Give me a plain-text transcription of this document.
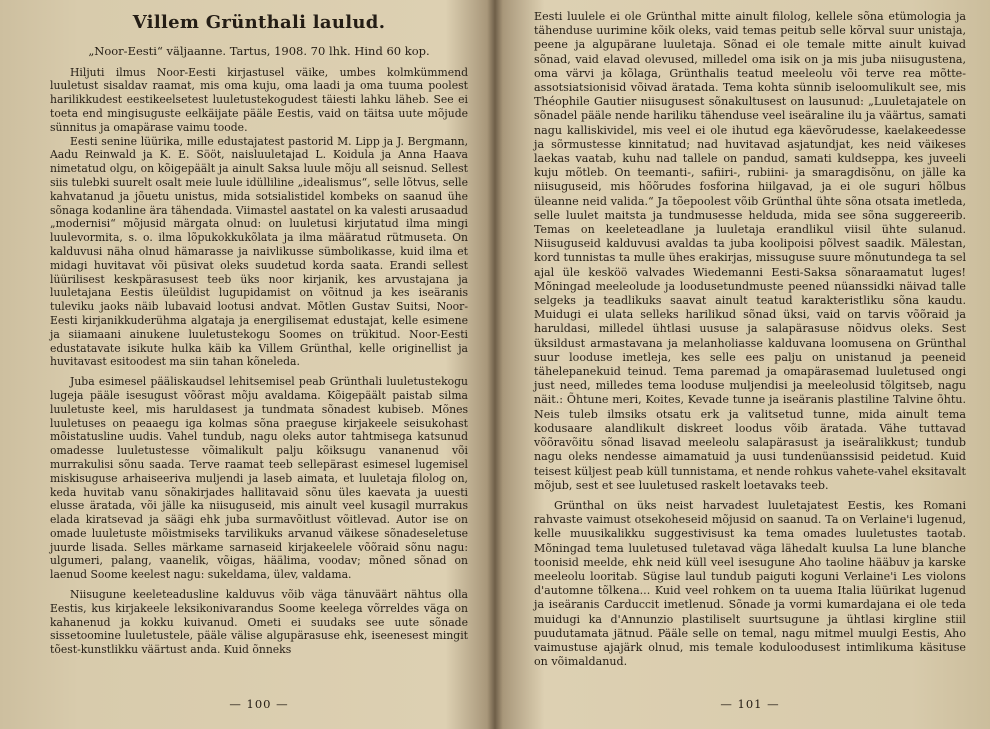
Villem Grünthali laulud.

„Noor-Eesti“ väljaanne. Tartus, 1908. 70 lhk. Hind 60 kop.

Hiljuti ilmus Noor-Eesti kirjastusel väike, umbes kolmkümmend luuletust sisaldav raamat, mis oma kuju, oma laadi ja oma tuuma poolest harilikkudest eestikeelsetest luuletustekogudest täiesti lahku läheb. See ei toeta end mingisuguste eelkäijate pääle Eestis, vaid on täitsa uute mõjude sünnitus ja omapärase vaimu toode.

Eesti senine lüürika, mille edustajatest pastorid M. Lipp ja J. Bergmann, Aadu Reinwald ja K. E. Sööt, naisluuletajad L. Koidula ja Anna Haava nimetatud olgu, on kõigepäält ja ainult Saksa luule mõju all seisnud. Sellest siis tulebki suurelt osalt meie luule idülliline „idealismus“, selle lõtvus, selle kahvatanud ja jõuetu unistus, mida sotsialistidel kombeks on saanud ühe sõnaga kodanline ära tähendada. Viimastel aastatel on ka valesti arusaadud „modernisi“ mõjusid märgata olnud: on luuletusi kirjutatud ilma mingi luulevormita, s. o. ilma lõpukokkukõlata ja ilma määratud rütmuseta. On kalduvusi näha olnud hämarasse ja naivlikusse sümbolikasse, kuid ilma et midagi huvitavat või püsivat oleks suudetud korda saata. Erandi sellest lüürilisest keskpärasusest teeb üks noor kirjanik, kes arvustajana ja luuletajana Eestis üleüldist lugupidamist on võitnud ja kes iseäranis tuleviku jaoks näib lubavaid lootusi andvat. Mõtlen Gustav Suitsi, Noor-Eesti kirjanikkuderühma algataja ja energilisemat edustajat, kelle esimene ja siiamaani ainukene luuletustekogu Soomes on trükitud. Noor-Eesti edustatavate isikute hulka käib ka Villem Grünthal, kelle originellist ja huvitavast esitoodest ma siin tahan kõneleda.

Juba esimesel pääliskaudsel lehitsemisel peab Grünthali luuletustekogu lugeja pääle isesugust võõrast mõju avaldama. Kõigepäält paistab silma luuletuste keel, mis haruldasest ja tundmata sõnadest kubiseb. Mõnes luuletuses on peaaegu iga kolmas sõna praeguse kirjakeele seisukohast mõistatusline uudis. Vahel tundub, nagu oleks autor tahtmisega katsunud omadesse luuletustesse võimalikult palju kõiksugu vananenud või murrakulisi sõnu saada. Terve raamat teeb sellepärast esimesel lugemisel miskisuguse arhaiseeriva muljendi ja laseb aimata, et luuletaja filolog on, keda huvitab vanu sõnakirjades hallitavaid sõnu üles kaevata ja uuesti elusse äratada, või jälle ka niisuguseid, mis ainult veel kusagil murrakus elada kiratsevad ja säägi ehk juba surmavõitlust võitlevad. Autor ise on omade luuletuste mõistmiseks tarvilikuks arvanud väikese sõnadeseletuse juurde lisada. Selles märkame sarnaseid kirjakeelele võõraid sõnu nagu: ulgumeri, palang, vaanelik, võigas, häälima, voodav; mõned sõnad on laenud Soome keelest nagu: sukeldama, ülev, valdama.

Niisugune keeleteadusline kalduvus võib väga tänuväärt nähtus olla Eestis, kus kirjakeele leksikonivarandus Soome keelega võrreldes väga on kahanenud ja kokku kuivanud. Ometi ei suudaks see uute sõnade sissetoomine luuletustele, pääle välise algupärasuse ehk, iseenesest mingit tõest-kunstlikku väärtust anda. Kuid õnneks

— 100 —

Eesti luulele ei ole Grünthal mitte ainult filolog, kellele sõna etümologia ja tähenduse uurimine kõik oleks, vaid temas peitub selle kõrval suur unistaja, peene ja algupärane luuletaja. Sõnad ei ole temale mitte ainult kuivad sõnad, vaid elavad olevused, milledel oma isik on ja mis juba niisugustena, oma värvi ja kõlaga, Grünthalis teatud meeleolu või terve rea mõtte-assotsiatsionisid võivad äratada. Tema kohta sünnib iseloomulikult see, mis Théophile Gautier niisugusest sõnakultusest on lausunud: „Luuletajatele on sõnadel pääle nende hariliku tähenduse veel iseäraline ilu ja väärtus, samati nagu kalliskividel, mis veel ei ole ihutud ega käevõrudesse, kaelakeedesse ja sõrmustesse kinnitatud; nad huvitavad asjatundjat, kes neid väikeses laekas vaatab, kuhu nad tallele on pandud, samati kuldseppa, kes juveeli kuju mõtleb. On teemanti-, safiiri-, rubiini- ja smaragdisõnu, on jälle ka niisuguseid, mis hõõrudes fosforina hiilgavad, ja ei ole suguri hõlbus üleanne neid valida.“ Ja tõepoolest võib Grünthal ühte sõna otsata imetleda, selle luulet maitsta ja tundmusesse helduda, mida see sõna suggereerib. Temas on keeleteadlane ja luuletaja erandlikul viisil ühte sulanud. Niisuguseid kalduvusi avaldas ta juba koolipoisi põlvest saadik. Mälestan, kord tunnistas ta mulle ühes erakirjas, missuguse suure mõnutundega ta sel ajal üle kesköö valvades Wiedemanni Eesti-Saksa sõnaraamatut luges! Mõningad meeleolude ja loodusetundmuste peened nüanssidki näivad talle selgeks ja teadlikuks saavat ainult teatud karakteristliku sõna kaudu. Muidugi ei ulata selleks harilikud sõnad üksi, vaid on tarvis võõraid ja haruldasi, milledel ühtlasi uususe ja salapärasuse nõidvus oleks. Sest üksildust armastavana ja melanholiasse kalduvana loomusena on Grünthal suur looduse imetleja, kes selle ees palju on unistanud ja peeneid tähelepanekuid teinud. Tema paremad ja omapärasemad luuletused ongi just need, milledes tema looduse muljendisi ja meeleolusid tõlgitseb, nagu näit.: Õhtune meri, Koites, Kevade tunne ja iseäranis plastiline Talvine õhtu. Neis tuleb ilmsiks otsatu erk ja valitsetud tunne, mida ainult tema kodusaare alandlikult diskreet loodus võib äratada. Vähe tuttavad võõravõitu sõnad lisavad meeleolu salapärasust ja iseäralikkust; tundub nagu oleks nendesse aimamatuid ja uusi tundenüanssisid peidetud. Kuid teisest küljest peab küll tunnistama, et nende rohkus vahete-vahel eksitavalt mõjub, sest et see luuletused raskelt loetavaks teeb.

Grünthal on üks neist harvadest luuletajatest Eestis, kes Romani rahvaste vaimust otsekoheseid mõjusid on saanud. Ta on Verlaine'i lugenud, kelle muusikalikku suggestivisust ka tema omades luuletustes taotab. Mõningad tema luuletused tuletavad väga lähedalt kuulsa La lune blanche toonisid meelde, ehk neid küll veel isesugune Aho taoline hääbuv ja karske meeleolu looritab. Sügise laul tundub paiguti koguni Verlaine'i Les violons d'automne tõlkena... Kuid veel rohkem on ta uuema Italia lüürikat lugenud ja iseäranis Carduccit imetlenud. Sõnade ja vormi kumardajana ei ole teda muidugi ka d'Annunzio plastiliselt suurtsugune ja ühtlasi kirgline stiil puudutamata jätnud. Pääle selle on temal, nagu mitmel muulgi Eestis, Aho vaimustuse ajajärk olnud, mis temale koduloodusest intimlikuma käsituse on võimaldanud.

— 101 —
